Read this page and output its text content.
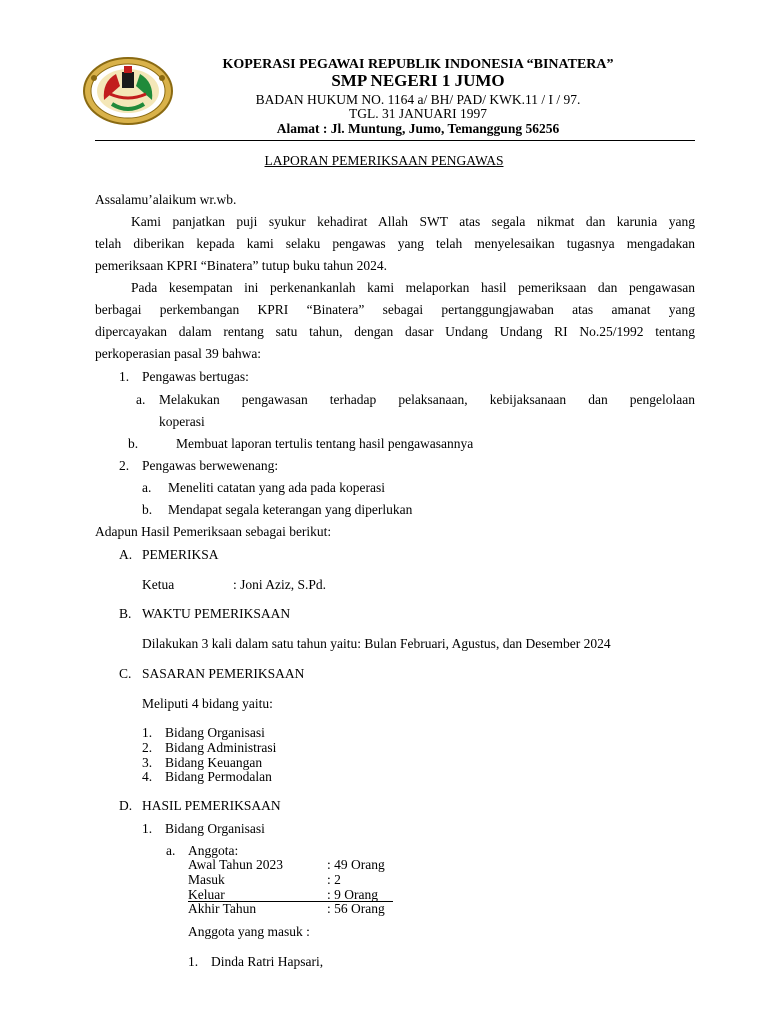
KOPERASI PEGAWAI REPUBLIK INDONESIA “BINATERA”
SMP NEGERI 1 JUMO
BADAN HUKUM NO. 1164 a/ BH/ PAD/ KWK.11 / I / 97.
TGL. 31 JANUARI 1997
Alamat : Jl. Muntung, Jumo, Temanggung 56256
LAPORAN PEMERIKSAAN PENGAWAS
Assalamu’alaikum wr.wb.
Kami panjatkan puji syukur kehadirat Allah SWT atas segala nikmat dan karunia yang
telah diberikan kepada kami selaku pengawas yang telah menyelesaikan tugasnya mengadakan
pemeriksaan KPRI “Binatera” tutup buku tahun 2024.
Pada kesempatan ini perkenankanlah kami melaporkan hasil pemeriksaan dan pengawasan
berbagai perkembangan KPRI “Binatera” sebagai pertanggungjawaban atas amanat yang
dipercayakan dalam rentang satu tahun, dengan dasar Undang Undang RI No.25/1992 tentang
perkoperasian pasal 39 bahwa:
1. Pengawas bertugas:
a. Melakukan pengawasan terhadap pelaksanaan, kebijaksanaan dan pengelolaan
koperasi
b.	Membuat laporan tertulis tentang hasil pengawasannya
2. Pengawas berwewenang:
a. Meneliti catatan yang ada pada koperasi
b. Mendapat segala keterangan yang diperlukan
Adapun Hasil Pemeriksaan sebagai berikut:
A. PEMERIKSA
Ketua	: Joni Aziz, S.Pd.
B. WAKTU PEMERIKSAAN
Dilakukan 3 kali dalam satu tahun yaitu: Bulan Februari, Agustus, dan Desember 2024
C. SASARAN PEMERIKSAAN
Meliputi 4 bidang yaitu:
1. Bidang Organisasi
2. Bidang Administrasi
3. Bidang Keuangan
4. Bidang Permodalan
D. HASIL PEMERIKSAAN
1. Bidang Organisasi
a. Anggota:
Awal Tahun 2023	: 49 Orang
Masuk	: 2
Keluar	: 9 Orang
Akhir Tahun	: 56 Orang
Anggota yang masuk :
1. Dinda Ratri Hapsari,
